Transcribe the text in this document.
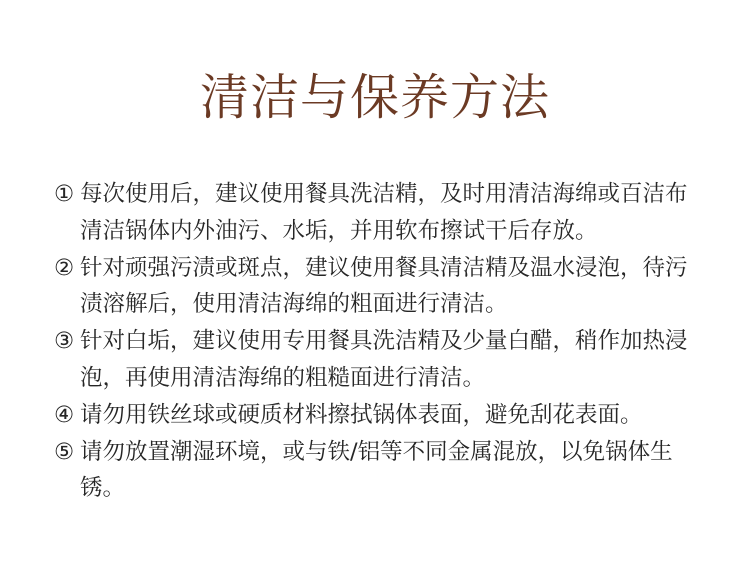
清洁与保养方法
① 每次使用后，建议使用餐具洗洁精，及时用清洁海绵或百洁布清洁锅体内外油污、水垢，并用软布擦试干后存放。
② 针对顽强污渍或斑点，建议使用餐具清洁精及温水浸泡，待污渍溶解后，使用清洁海绵的粗面进行清洁。
③ 针对白垢，建议使用专用餐具洗洁精及少量白醋，稍作加热浸泡，再使用清洁海绵的粗糙面进行清洁。
④ 请勿用铁丝球或硬质材料擦拭锅体表面，避免刮花表面。
⑤ 请勿放置潮湿环境，或与铁/铝等不同金属混放，以免锅体生锈。
